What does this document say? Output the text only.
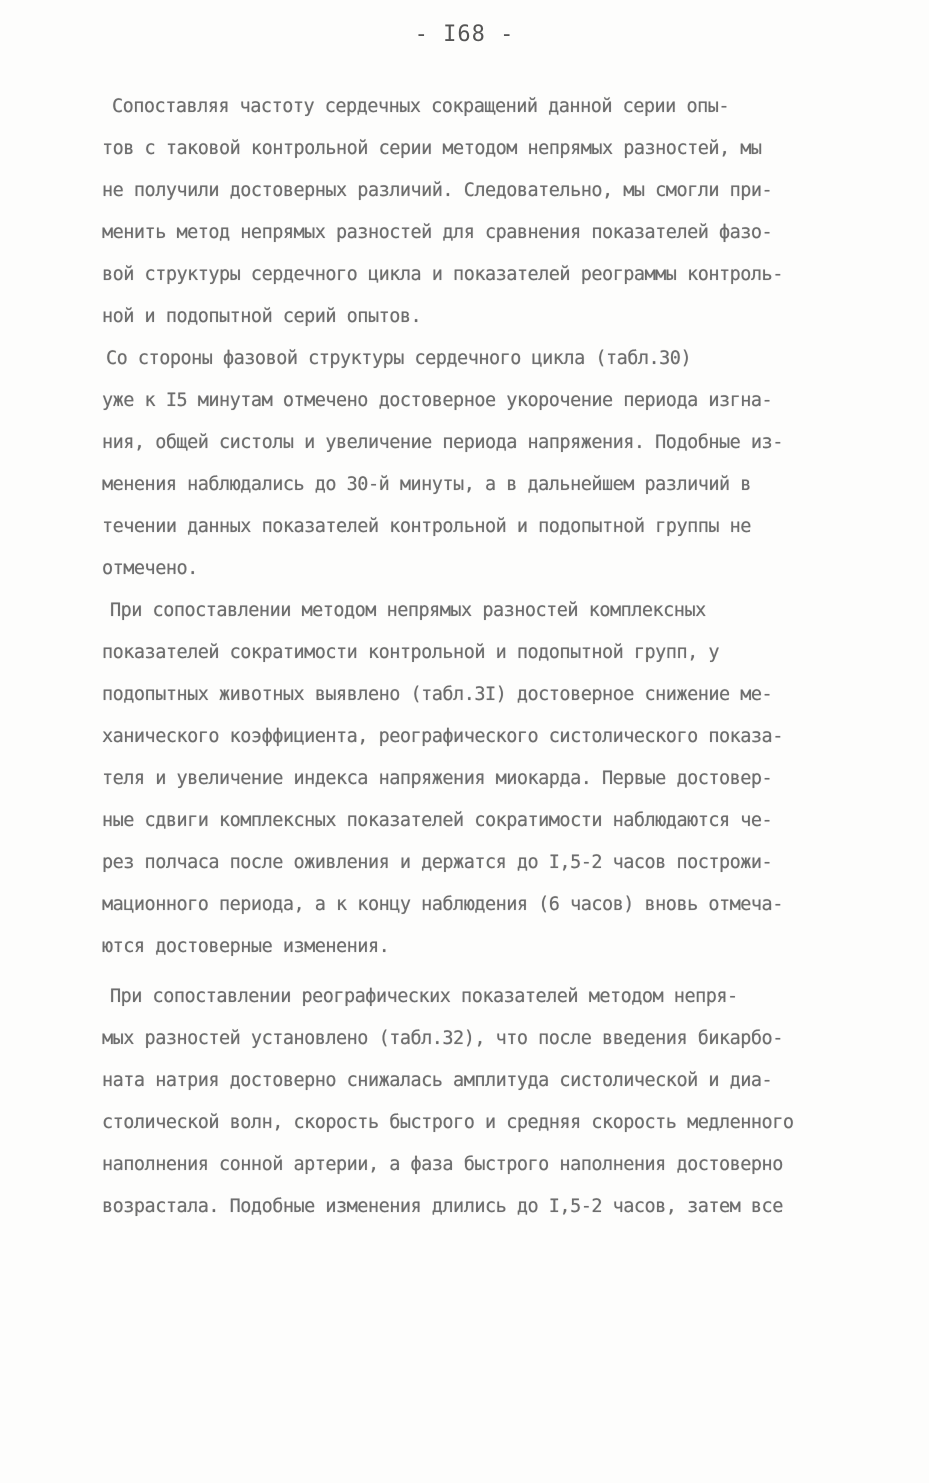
- I68 -
Сопоставляя частоту сердечных сокращений данной серии опы-
тов с таковой контрольной серии методом непрямых разностей, мы
не получили достоверных различий. Следовательно, мы смогли при-
менить метод непрямых разностей для сравнения показателей фазо-
вой структуры сердечного цикла и показателей реограммы контроль-
ной и подопытной серий опытов.
Со стороны фазовой структуры сердечного цикла (табл.30)
уже к I5 минутам отмечено достоверное укорочение периода изгна-
ния, общей систолы и увеличение периода напряжения. Подобные из-
менения наблюдались до 30-й минуты, а в дальнейшем различий в
течении данных показателей контрольной и подопытной группы не
отмечено.
При сопоставлении методом непрямых разностей комплексных
показателей сократимости контрольной и подопытной групп, у
подопытных животных выявлено (табл.3I) достоверное снижение ме-
ханического коэффициента, реографического систолического показа-
теля и увеличение индекса напряжения миокарда. Первые достовер-
ные сдвиги комплексных показателей сократимости наблюдаются че-
рез полчаса после оживления и держатся до I,5-2 часов построжи-
мационного периода, а к концу наблюдения (6 часов) вновь отмеча-
ются достоверные изменения.
При сопоставлении реографических показателей методом непря-
мых разностей установлено (табл.32), что после введения бикарбо-
ната натрия достоверно снижалась амплитуда систолической и диа-
столической волн, скорость быстрого и средняя скорость медленного
наполнения сонной артерии, а фаза быстрого наполнения достоверно
возрастала. Подобные изменения длились до I,5-2 часов, затем все
